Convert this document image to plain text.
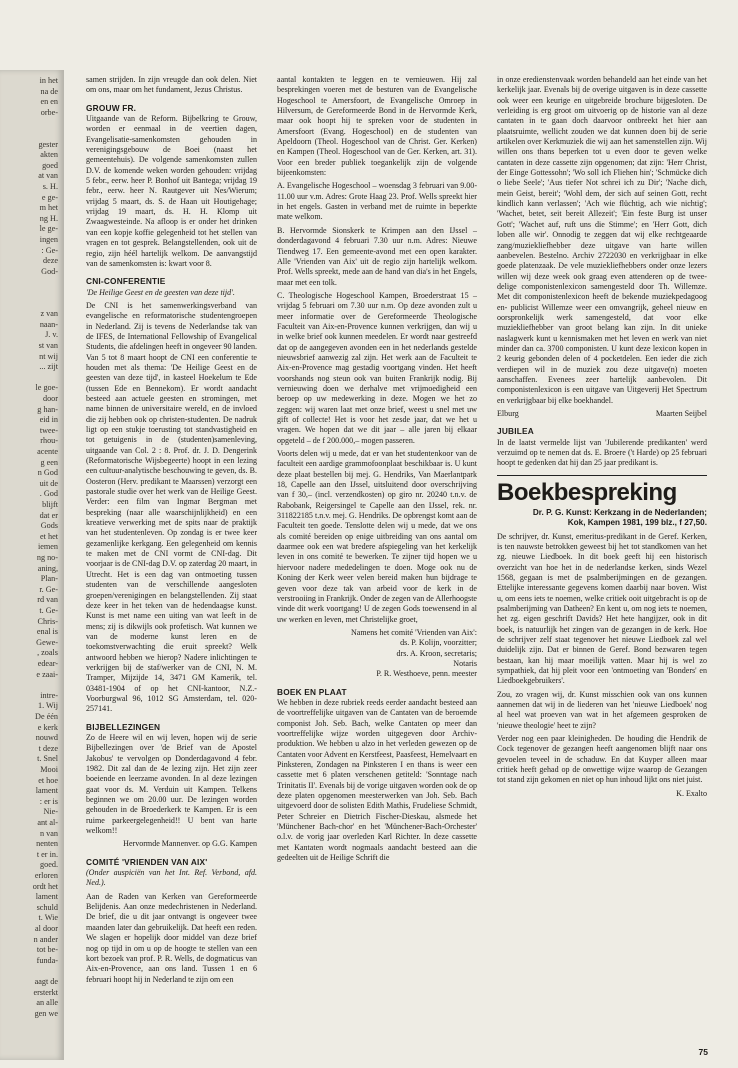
in het
na de
en en
orbe-
gester
akten
goed
at van
s. H.
e ge-
m het
ng H.
le ge-
ingen
: Ge-
deze
God-
z van
naan-
J. v.
st van
nt wij
... zijt
le goe-
door
g han-
eid in
twee-
rhou-
acente
g een
n God
uit de
. God
blijft
dat er
Gods
et het
iemen
ng no-
aning,
Plan-
r. Ge-
rd van
t. Ge-
Chris-
enal is
Gewe-
, zoals
edear-
e zaai-
intre-
1. Wij
De één
e kerk
nouwd
t deze
t. Snel
Mooi
et hoe
lament
: er is
Nie-
ant al-
n van
nenten
t er in.
goed.
erloren
ordt het
lament
schuld
t. Wie
al door
n ander
tot be-
funda-
aagt de
ersterkt
an alle
gen we

samen strijden. In zijn vreugde dan ook delen. Niet om ons, maar om het fundament, Jezus Christus.

GROUW FR.

Uitgaande van de Reform. Bijbelkring te Grouw, worden er eenmaal in de veertien dagen, Evangelisatie-samenkomsten gehouden in verenigingsgebouw de Boei (naast het gemeentehuis). De volgende samenkomsten zullen D.V. de komende weken worden gehouden: vrijdag 5 febr., eerw. heer P. Bonhof uit Bantega; vrijdag 19 febr., eerw. heer N. Rautgever uit Nes/Wierum; vrijdag 5 maart, ds. S. de Haan uit Houtigehage; vrijdag 19 maart, ds. H. H. Klomp uit Zwaagwesteinde. Na afloop is er onder het drinken van een kopje koffie gelegenheid tot het stellen van vragen en tot gesprek. Belangstellenden, ook uit de regio, zijn héél hartelijk welkom. De aanvangstijd van de samenkomsten is: kwart voor 8.

CNI-CONFERENTIE

'De Heilige Geest en de geesten van deze tijd'.

De CNI is het samenwerkingsverband van evangelische en reformatorische studentengroepen in Nederland. Zij is tevens de Nederlandse tak van de IFES, de International Fellowship of Evangelical Students, die afdelingen heeft in ongeveer 90 landen. Van 5 tot 8 maart hoopt de CNI een conferentie te houden met als thema: 'De Heilige Geest en de geesten van deze tijd', in kasteel Hoekelum te Ede (tussen Ede en Bennekom). Er wordt aandacht besteed aan actuele geesten en stromingen, met name binnen de universitaire wereld, en de invloed die zij hebben ook op christen-studenten. De nadruk ligt op een stukje toerusting tot standvastigheid en tot getuigenis in de (studenten)samenleving, uitgaande van Col. 2 : 8. Prof. dr. J. D. Dengerink (Reformatorische Wijsbegeerte) hoopt in een lezing een cultuur-analytische beschouwing te geven, ds. B. Oosteron (Herv. predikant te Maarssen) verzorgt een pastorale studie over het werk van de Heilige Geest. Verder: een film van Ingmar Bergman met bespreking (naar alle waarschijnlijkheid) en een kreatieve verwerking met de spits naar de praktijk van het studentenleven. Op zondag is er twee keer gezamenlijke kerkgang. Een gelegenheid om kennis te maken met de CNI vormt de CNI-dag. Dit voorjaar is de CNI-dag D.V. op zaterdag 20 maart, in Utrecht. Het is een dag van ontmoeting tussen studenten van de verschillende aangesloten groepen/verenigingen en belangstellenden. Zij staat deze keer in het teken van de hedendaagse kunst. Kunst is met name een uiting van wat leeft in de mens; zij is dikwijls ook profetisch. Wat kunnen we van de moderne kunst leren en de toekomstverwachting die eruit spreekt? Welk antwoord hebben we hierop? Nadere inlichtingen te verkrijgen bij de staf/werker van de CNI, N. M. Tramper, Mijzijde 14, 3471 GM Kamerik, tel. 03481-1904 of op het CNI-kantoor, N.Z.-Voorburgwal 96, 1012 SG Amsterdam, tel. 020-257141.

BIJBELLEZINGEN

Zo de Heere wil en wij leven, hopen wij de serie Bijbellezingen over 'de Brief van de Apostel Jakobus' te vervolgen op Donderdagavond 4 febr. 1982. Dit zal dan de 4e lezing zijn. Het zijn zeer boeiende en leerzame avonden. In al deze lezingen gaat voor ds. M. Verduin uit Kampen. Telkens beginnen we om 20.00 uur. De lezingen worden gehouden in de Broederkerk te Kampen. Er is een ruime parkeergelegenheid!! U bent van harte welkom!!

Hervormde Mannenver. op G.G. Kampen

COMITÉ 'VRIENDEN VAN AIX'

(Onder auspiciën van het Int. Ref. Verbond, afd. Ned.).

Aan de Raden van Kerken van Gereformeerde Belijdenis. Aan onze medechristenen in Nederland. De brief, die u dit jaar ontvangt is ongeveer twee maanden later dan gebruikelijk. Dat heeft een reden. We slagen er hopelijk door middel van deze brief nog op tijd in om u op de hoogte te stellen van een kort bezoek van prof. P. R. Wells, de dogmaticus van Aix-en-Provence, aan ons land. Tussen 1 en 6 februari hoopt hij in Nederland te zijn om een

aantal kontakten te leggen en te vernieuwen. Hij zal besprekingen voeren met de besturen van de Evangelische Hogeschool te Amersfoort, de Evangelische Omroep in Hilversum, de Gereformeerde Bond in de Hervormde Kerk, maar ook hoopt hij te spreken voor de studenten in Amersfoort (Evang. Hogeschool) en de studenten van Apeldoorn (Theol. Hogeschool van de Christ. Ger. Kerken) en Kampen (Theol. Hogeschool van de Ger. Kerken, art. 31). Voor een breder publiek toegankelijk zijn de volgende bijeenkomsten:

A. Evangelische Hogeschool – woensdag 3 februari van 9.00-11.00 uur v.m. Adres: Grote Haag 23. Prof. Wells spreekt hier in het engels. Gasten in verband met de ruimte in beperkte mate welkom.

B. Hervormde Sionskerk te Krimpen aan den IJssel – donderdagavond 4 februari 7.30 uur n.m. Adres: Nieuwe Tiendweg 17. Een gemeente-avond met een open karakter. Alle 'Vrienden van Aix' uit de regio zijn hartelijk welkom. Prof. Wells spreekt, mede aan de hand van dia's in het Engels, maar met een tolk.

C. Theologische Hogeschool Kampen, Broederstraat 15 – vrijdag 5 februari om 7.30 uur n.m. Op deze avonden zult u meer informatie over de Gereformeerde Theologische Faculteit van Aix-en-Provence kunnen verkrijgen, dan wij u in welke brief ook kunnen meedelen. Er wordt naar gestreefd dat op de aangegeven avonden een in het nederlands gestelde nieuwsbrief aanwezig zal zijn. Het werk aan de Faculteit te Aix-en-Provence mag gestadig voortgang vinden. Het heeft voorshands nog steun ook van buiten Frankrijk nodig. Bij vernieuwing doen we derhalve met vrijmoedigheid een beroep op uw medewerking in deze. Mogen we het zo zeggen: wij waren laat met onze brief, weest u snel met uw gift of collecte! Het is voor het zesde jaar, dat we het u vragen. We hopen dat we dit jaar – alle jaren bij elkaar opgeteld – de f 200.000,– mogen passeren.

Voorts delen wij u mede, dat er van het studentenkoor van de faculteit een aardige grammofoonplaat beschikbaar is. U kunt deze plaat bestellen bij mej. G. Hendriks, Van Maerlantpark 18, Capelle aan den IJssel, uitsluitend door overschrijving van f 30,– (incl. verzendkosten) op giro nr. 20240 t.n.v. de Rabobank, Reigersingel te Capelle aan den IJssel, rek. nr. 311822185 t.n.v. mej. G. Hendriks. De opbrengst komt aan de Faculteit ten goede. Tenslotte delen wij u mede, dat we ons als comité bereiden op enige uitbreiding van ons aantal om daarmee ook een wat bredere afspiegeling van het kerkelijk leven in ons comité te bewerken. Te zijner tijd hopen we u hiervoor nadere mededelingen te doen. Moge ook nu de Koning der Kerk weer velen bereid maken hun bijdrage te geven voor deze tak van arbeid voor de kerk in de verstrooiing in Frankrijk. Onder de zegen van de Allerhoogste vinde dit werk voortgang! U de zegen Gods toewensend in al uw werken en leven, met Christelijke groet,

Namens het comité 'Vrienden van Aix':

ds. P. Kolijn, voorzitter;

drs. A. Kroon, secretaris;

Notaris

P. R. Westhoeve, penn. meester

BOEK EN PLAAT

We hebben in deze rubriek reeds eerder aandacht besteed aan de voortreffelijke uitgaven van de Cantaten van de beroemde componist Joh. Seb. Bach, welke Cantaten op meer dan voortreffelijke wijze worden uitgegeven door Archiv-produktion. We hebben u alzo in het verleden gewezen op de Cantaten voor Advent en Kerstfeest, Paasfeest, Hemelvaart en Pinksteren, Zondagen na Pinksteren I en thans is weer een cassette met 6 platen verschenen getiteld: 'Sonntage nach Trinitatis II'. Evenals bij de vorige uitgaven worden ook de op deze platen opgenomen meesterwerken van Joh. Seb. Bach uitgevoerd door de solisten Edith Mathis, Frudeliese Schmidt, Peter Schreier en Dietrich Fischer-Dieskau, alsmede het 'Münchener Bach-chor' en het 'Münchener-Bach-Orchester' o.l.v. de vorig jaar overleden Karl Richter. In deze cassette met Kantaten wordt nogmaals aandacht besteed aan die gedeelten uit de Heilige Schrift die

in onze eredienstenvaak worden behandeld aan het einde van het kerkelijk jaar. Evenals bij de overige uitgaven is in deze cassette ook weer een keurige en uitgebreide brochure bijgesloten. De verleiding is erg groot om uitvoerig op de historie van al deze cantaten in te gaan doch daarvoor ontbreekt het hier aan plaatsruimte, wellicht zouden we dat kunnen doen bij de serie artikelen over Kerkmuziek die wij aan het samenstellen zijn. Wij willen ons thans beperken tot u even door te geven welke cantaten in deze cassette zijn opgenomen; dat zijn: 'Herr Christ, der Einge Gottessohn'; 'Wo soll ich Fliehen hin'; 'Schmücke dich o liebe Seele'; 'Aus tiefer Not schrei ich zu Dir'; 'Nache dich, mein Geist, bereit'; 'Wohl dem, der sich auf seinen Gott, recht kindlich kann verlassen'; 'Ach wie flüchtig, ach wie nichtig'; 'Wachet, betet, seit bereit Allezeit'; 'Ein feste Burg ist unser Gott'; 'Wachet auf, ruft uns die Stimme'; en 'Herr Gott, dich loben alle wir'. Onnodig te zeggen dat wij elke rechtgeaarde zang/muziekliefhebber deze uitgave van harte willen aanbevelen. Bestelno. Archiv 2722030 en verkrijgbaar in elke goede platenzaak. De vele muziekliefhebbers onder onze lezers willen wij deze week ook graag even attenderen op de twee-delige componistenlexicon samengesteld door Th. Willemze. Met dit componistenlexicon heeft de bekende muziekpedagoog en- publicist Willemze weer een omvangrijk, geheel nieuw en oorspronkelijk werk samengesteld, dat voor elke muziekliefhebber van groot belang kan zijn. In dit unieke naslagwerk kunt u kennismaken met het leven en werk van niet minder dan ca. 3700 componisten. U kunt deze lexicon kopen in 2 keurig gebonden delen of 4 pocketdelen. Een ieder die zich verdiepen wil in de muziek zou deze uitgave(n) moeten aanschaffen. Evenees zeer hartelijk aanbevolen. Dit componistenlexicon is een uitgave van Uitgeverij Het Spectrum en verkrijgbaar bij elke boekhandel.

Elburg	Maarten Seijbel
JUBILEA

In de laatst vermelde lijst van 'Jubilerende predikanten' werd verzuimd op te nemen dat ds. E. Broere ('t Harde) op 25 februari hoopt te gedenken dat hij dan 25 jaar predikant is.

Boekbespreking

Dr. P. G. Kunst: Kerkzang in de Nederlanden; Kok, Kampen 1981, 199 blz., f 27,50.

De schrijver, dr. Kunst, emeritus-predikant in de Geref. Kerken, is ten nauwste betrokken geweest bij het tot standkomen van het zg. nieuwe Liedboek. In dit boek geeft hij een historisch overzicht van hoe het in de nederlandse kerken, sinds Wezel 1568, gegaan is met de psalmberijmingen en de gezangen. Ettelijke interessante gegevens komen daarbij naar boven. Wist u, om eens iets te noemen, welke critiek ooit uitgebracht is op de psalmberijming van Datheen? En kent u, om nog iets te noemen, het zg. eigen geschrift Davids? Het hete hangijzer, ook in dit boek, is natuurlijk het zingen van de gezangen in de kerk. Hoe de schrijver zelf staat tegenover het nieuwe Liedboek zal wel duidelijk zijn. Dat er binnen de Geref. Bond bezwaren tegen bestaan, kan hij maar moeilijk vatten. Maar hij is wel zo sympathiek, dat hij pleit voor een 'ontmoeting van 'Bonders' en Liedboekgebruikers'.

Zou, zo vragen wij, dr. Kunst misschien ook van ons kunnen aannemen dat wij in de liederen van het 'nieuwe Liedboek' nog al heel wat proeven van wat in het afgemeen gesproken de 'nieuwe theologie' heet te zijn?

Verder nog een paar kleinigheden. De houding die Hendrik de Cock tegenover de gezangen heeft aangenomen blijft naar ons gevoelen teveel in de schaduw. En dat Kuyper alleen maar critiek heeft gehad op de onwettige wijze waarop de Gezangen tot stand zijn gekomen en niet op hun inhoud lijkt ons niet juist.

K. Exalto

75
